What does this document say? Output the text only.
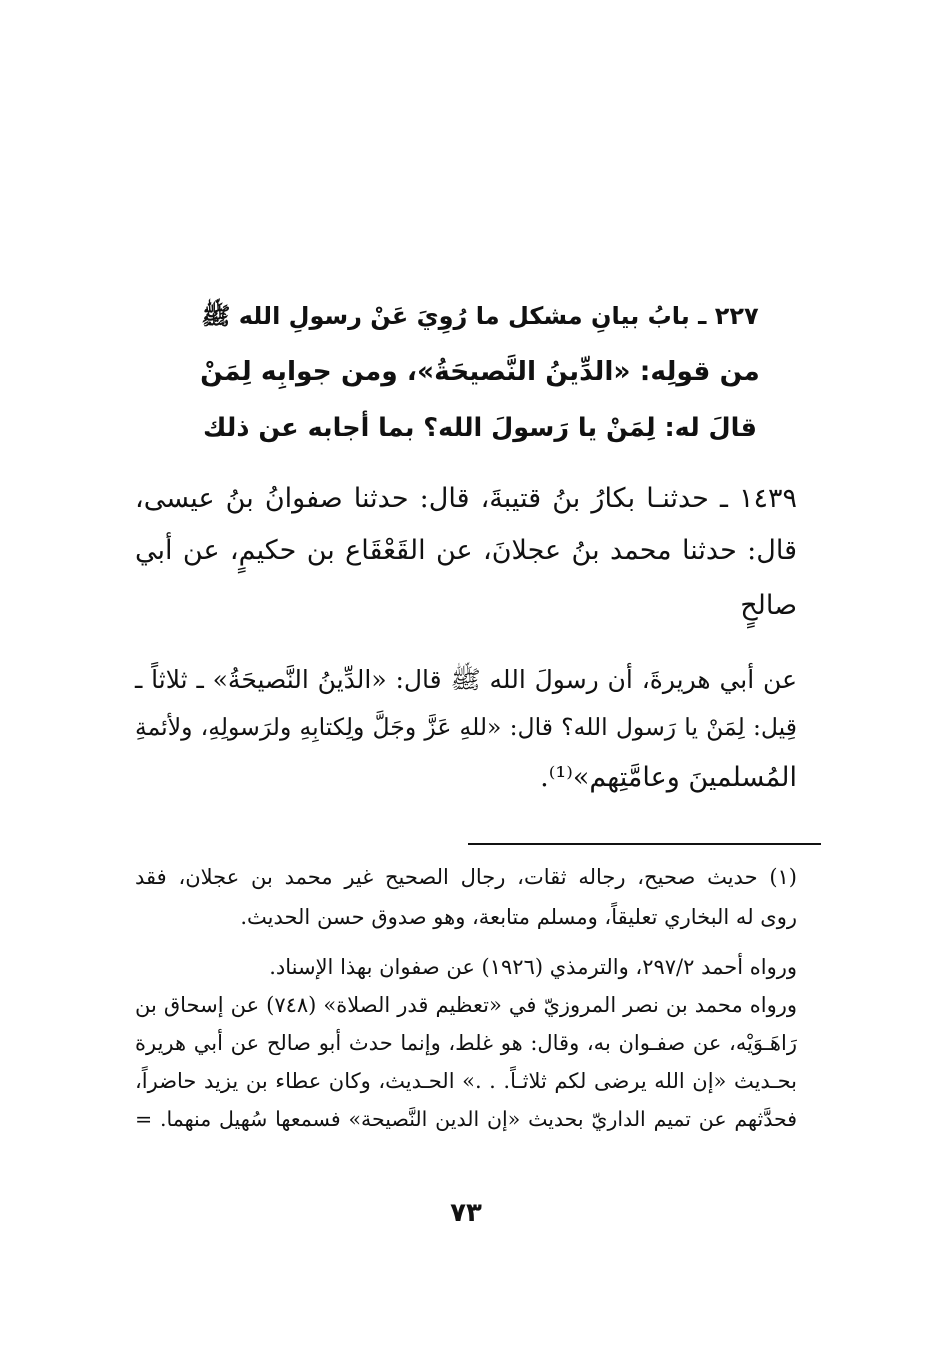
٢٢٧ ـ بابُ بيانِ مشكل ما رُوِيَ عَنْ رسولِ الله ﷺ
من قولِه: «الدِّينُ النَّصيحَةُ»، ومن جوابِه لِمَنْ
قالَ له: لِمَنْ يا رَسولَ الله؟ بما أجابه عن ذلك
١٤٣٩ ـ حدثنـا بكارُ بنُ قتيبةَ، قال: حدثنا صفوانُ بنُ عيسى،
قال: حدثنا محمد بنُ عجلانَ، عن القَعْقَاع بن حكيمٍ، عن أبي
صالحٍ
عن أبي هريرةَ، أن رسولَ الله ﷺ قال: «الدِّينُ النَّصيحَةُ» ـ ثلاثاً ـ
قِيل: لِمَنْ يا رَسول الله؟ قال: «للهِ عَزَّ وجَلَّ ولِكتابِهِ ولرَسولِهِ، ولأئمةِ
المُسلمينَ وعامَّتِهم»⁽¹⁾.
(١) حديث صحيح، رجاله ثقات، رجال الصحيح غير محمد بن عجلان، فقد
روى له البخاري تعليقاً، ومسلم متابعة، وهو صدوق حسن الحديث.
ورواه أحمد ٢٩٧/٢، والترمذي (١٩٢٦) عن صفوان بهذا الإسناد.
ورواه محمد بن نصر المروزيّ في «تعظيم قدر الصلاة» (٧٤٨) عن إسحاق بن
رَاهَـوَيْه، عن صفـوان به، وقال: هو غلط، وإنما حدث أبو صالح عن أبي هريرة
بحـديث «إن الله يرضى لكم ثلاثـاً. . .» الحـديث، وكان عطاء بن يزيد حاضراً،
فحدَّثهم عن تميم الداريّ بحديث «إن الدين النَّصيحة» فسمعها سُهيل منهما. =
٧٣
